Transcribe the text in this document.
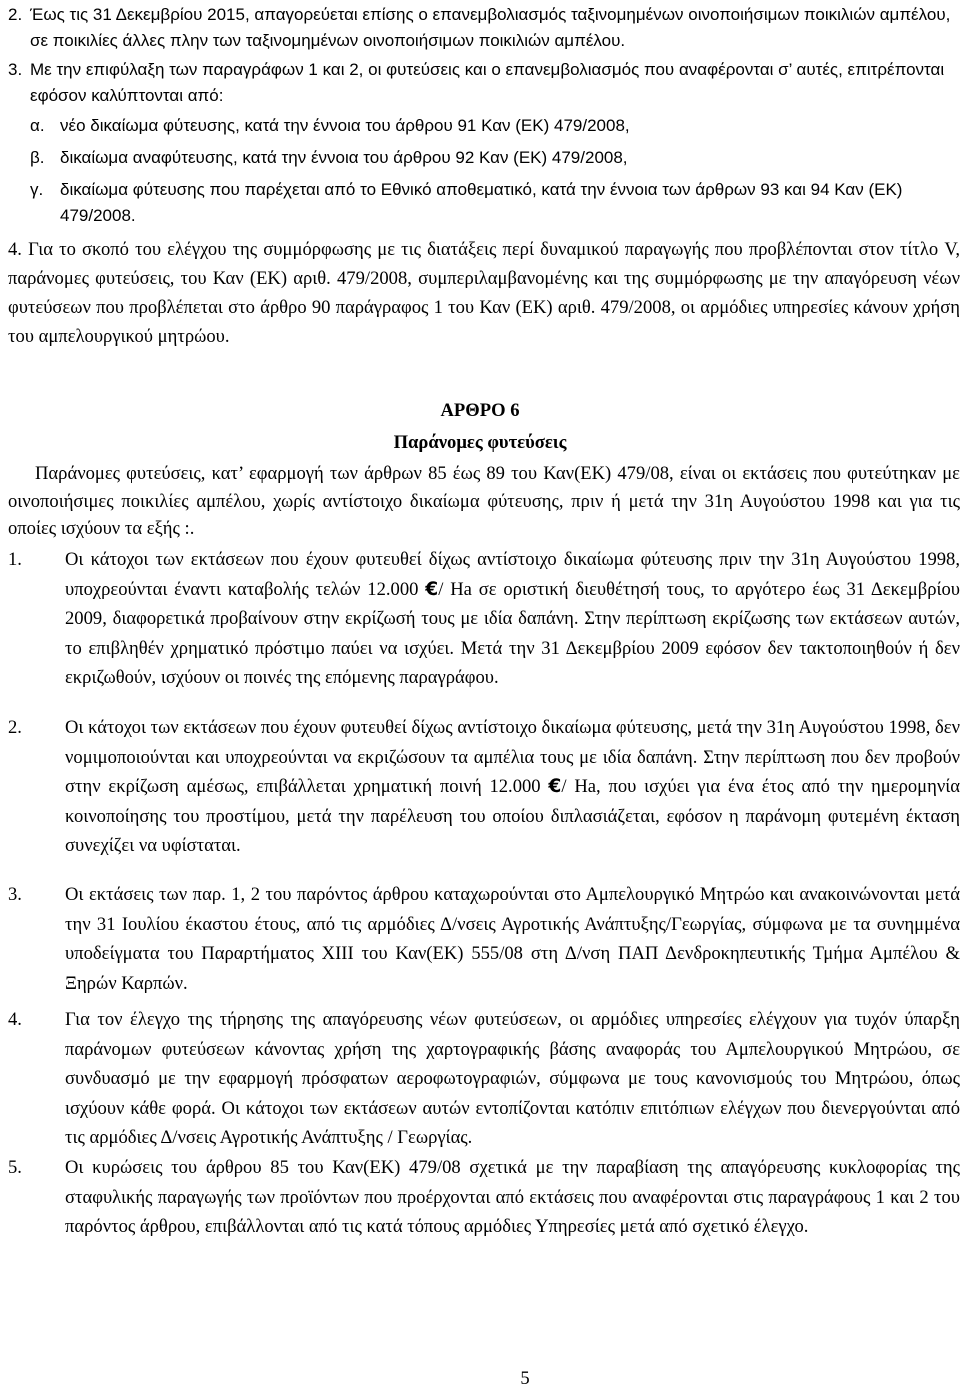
2. Έως τις 31 Δεκεμβρίου 2015, απαγορεύεται επίσης ο επανεμβολιασμός ταξινομημένων οινοποιήσιμων ποικιλιών αμπέλου, σε ποικιλίες άλλες πλην των ταξινομημένων οινοποιήσιμων ποικιλιών αμπέλου.
3. Με την επιφύλαξη των παραγράφων 1 και 2, οι φυτεύσεις και ο επανεμβολιασμός που αναφέρονται σ’ αυτές, επιτρέπονται εφόσον καλύπτονται από:
α. νέο δικαίωμα φύτευσης, κατά την έννοια του άρθρου 91 Καν (ΕΚ) 479/2008,
β. δικαίωμα αναφύτευσης, κατά την έννοια του άρθρου 92 Καν (ΕΚ) 479/2008,
γ. δικαίωμα φύτευσης που παρέχεται από το Εθνικό αποθεματικό, κατά την έννοια των άρθρων 93 και 94 Καν (ΕΚ) 479/2008.
4. Για το σκοπό του ελέγχου της συμμόρφωσης με τις διατάξεις περί δυναμικού παραγωγής που προβλέπονται στον τίτλο V, παράνομες φυτεύσεις, του Καν (ΕΚ) αριθ. 479/2008, συμπεριλαμβανομένης και της συμμόρφωσης με την απαγόρευση νέων φυτεύσεων που προβλέπεται στο άρθρο 90 παράγραφος 1 του Καν (ΕΚ) αριθ. 479/2008, οι αρμόδιες υπηρεσίες κάνουν χρήση του αμπελουργικού μητρώου.
ΑΡΘΡΟ 6
Παράνομες φυτεύσεις
Παράνομες φυτεύσεις, κατ’ εφαρμογή των άρθρων 85 έως 89 του Καν(ΕΚ) 479/08, είναι οι εκτάσεις που φυτεύτηκαν με οινοποιήσιμες ποικιλίες αμπέλου, χωρίς αντίστοιχο δικαίωμα φύτευσης, πριν ή μετά την 31η Αυγούστου 1998 και για τις οποίες ισχύουν τα εξής :.
1. Οι κάτοχοι των εκτάσεων που έχουν φυτευθεί δίχως αντίστοιχο δικαίωμα φύτευσης πριν την 31η Αυγούστου 1998, υποχρεούνται έναντι καταβολής τελών 12.000 €/ Ha σε οριστική διευθέτησή τους, το αργότερο έως 31 Δεκεμβρίου 2009, διαφορετικά προβαίνουν στην εκρίζωσή τους με ιδία δαπάνη. Στην περίπτωση εκρίζωσης των εκτάσεων αυτών, το επιβληθέν χρηματικό πρόστιμο παύει να ισχύει. Μετά την 31 Δεκεμβρίου 2009 εφόσον δεν τακτοποιηθούν ή δεν εκριζωθούν, ισχύουν οι ποινές της επόμενης παραγράφου.
2. Οι κάτοχοι των εκτάσεων που έχουν φυτευθεί δίχως αντίστοιχο δικαίωμα φύτευσης, μετά την 31η Αυγούστου 1998, δεν νομιμοποιούνται και υποχρεούνται να εκριζώσουν τα αμπέλια τους με ιδία δαπάνη. Στην περίπτωση που δεν προβούν στην εκρίζωση αμέσως, επιβάλλεται χρηματική ποινή 12.000 €/ Ha, που ισχύει για ένα έτος από την ημερομηνία κοινοποίησης του προστίμου, μετά την παρέλευση του οποίου διπλασιάζεται, εφόσον η παράνομη φυτεμένη έκταση συνεχίζει να υφίσταται.
3. Οι εκτάσεις των παρ. 1, 2 του παρόντος άρθρου καταχωρούνται στο Αμπελουργικό Μητρώο και ανακοινώνονται μετά την 31 Ιουλίου έκαστου έτους, από τις αρμόδιες Δ/νσεις Αγροτικής Ανάπτυξης/Γεωργίας, σύμφωνα με τα συνημμένα υποδείγματα του Παραρτήματος XIII του Καν(ΕΚ) 555/08 στη Δ/νση ΠΑΠ Δενδροκηπευτικής Τμήμα Αμπέλου & Ξηρών Καρπών.
4. Για τον έλεγχο της τήρησης της απαγόρευσης νέων φυτεύσεων, οι αρμόδιες υπηρεσίες ελέγχουν για τυχόν ύπαρξη παράνομων φυτεύσεων κάνοντας χρήση της χαρτογραφικής βάσης αναφοράς του Αμπελουργικού Μητρώου, σε συνδυασμό με την εφαρμογή πρόσφατων αεροφωτογραφιών, σύμφωνα με τους κανονισμούς του Μητρώου, όπως ισχύουν κάθε φορά. Οι κάτοχοι των εκτάσεων αυτών εντοπίζονται κατόπιν επιτόπιων ελέγχων που διενεργούνται από τις αρμόδιες Δ/νσεις Αγροτικής Ανάπτυξης / Γεωργίας.
5. Οι κυρώσεις του άρθρου 85 του Καν(ΕΚ) 479/08 σχετικά με την παραβίαση της απαγόρευσης κυκλοφορίας της σταφυλικής παραγωγής των προϊόντων που προέρχονται από εκτάσεις που αναφέρονται στις παραγράφους 1 και 2 του παρόντος άρθρου, επιβάλλονται από τις κατά τόπους αρμόδιες Υπηρεσίες μετά από σχετικό έλεγχο.
5
